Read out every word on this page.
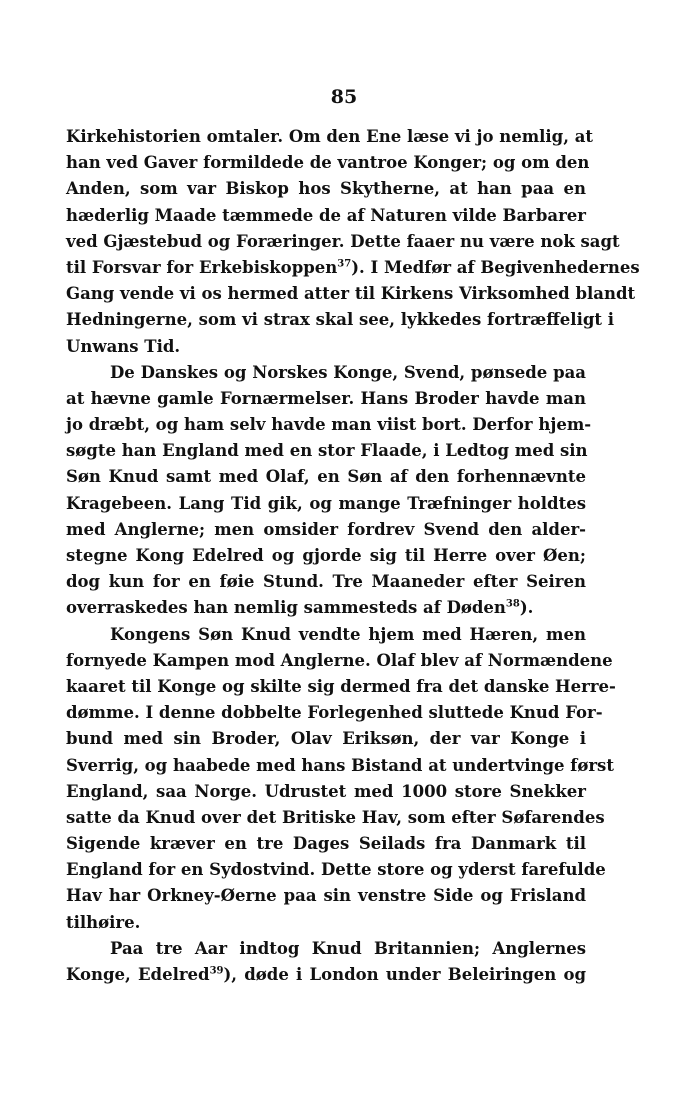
85
Kirkehistorien omtaler. Om den Ene læse vi jo nemlig, at
han ved Gaver formildede de vantroe Konger; og om den
Anden, som var Biskop hos Skytherne, at han paa en
hæderlig Maade tæmmede de af Naturen vilde Barbarer
ved Gjæstebud og Foræringer. Dette faaer nu være nok sagt
til Forsvar for Erkebiskoppen$^{37}$). I Medfør af Begivenhedernes
Gang vende vi os hermed atter til Kirkens Virksomhed blandt
Hedningerne, som vi strax skal see, lykkedes fortræffeligt i
Unwans Tid.
De Danskes og Norskes Konge, Svend, pønsede paa
at hævne gamle Fornærmelser. Hans Broder havde man
jo dræbt, og ham selv havde man viist bort. Derfor hjem-
søgte han England med en stor Flaade, i Ledtog med sin
Søn Knud samt med Olaf, en Søn af den forhennævnte
Kragebeen. Lang Tid gik, og mange Træfninger holdtes
med Anglerne; men omsider fordrev Svend den alder-
stegne Kong Edelred og gjorde sig til Herre over Øen;
dog kun for en føie Stund. Tre Maaneder efter Seiren
overraskedes han nemlig sammesteds af Døden$^{38}$).
Kongens Søn Knud vendte hjem med Hæren, men
fornyede Kampen mod Anglerne. Olaf blev af Normændene
kaaret til Konge og skilte sig dermed fra det danske Herre-
dømme. I denne dobbelte Forlegenhed sluttede Knud For-
bund med sin Broder, Olav Eriksøn, der var Konge i
Sverrig, og haabede med hans Bistand at undertvinge først
England, saa Norge. Udrustet med 1000 store Snekker
satte da Knud over det Britiske Hav, som efter Søfarendes
Sigende kræver en tre Dages Seilads fra Danmark til
England for en Sydostvind. Dette store og yderst farefulde
Hav har Orkney-Øerne paa sin venstre Side og Frisland
tilhøire.
Paa tre Aar indtog Knud Britannien; Anglernes
Konge, Edelred$^{39}$), døde i London under Beleiringen og
